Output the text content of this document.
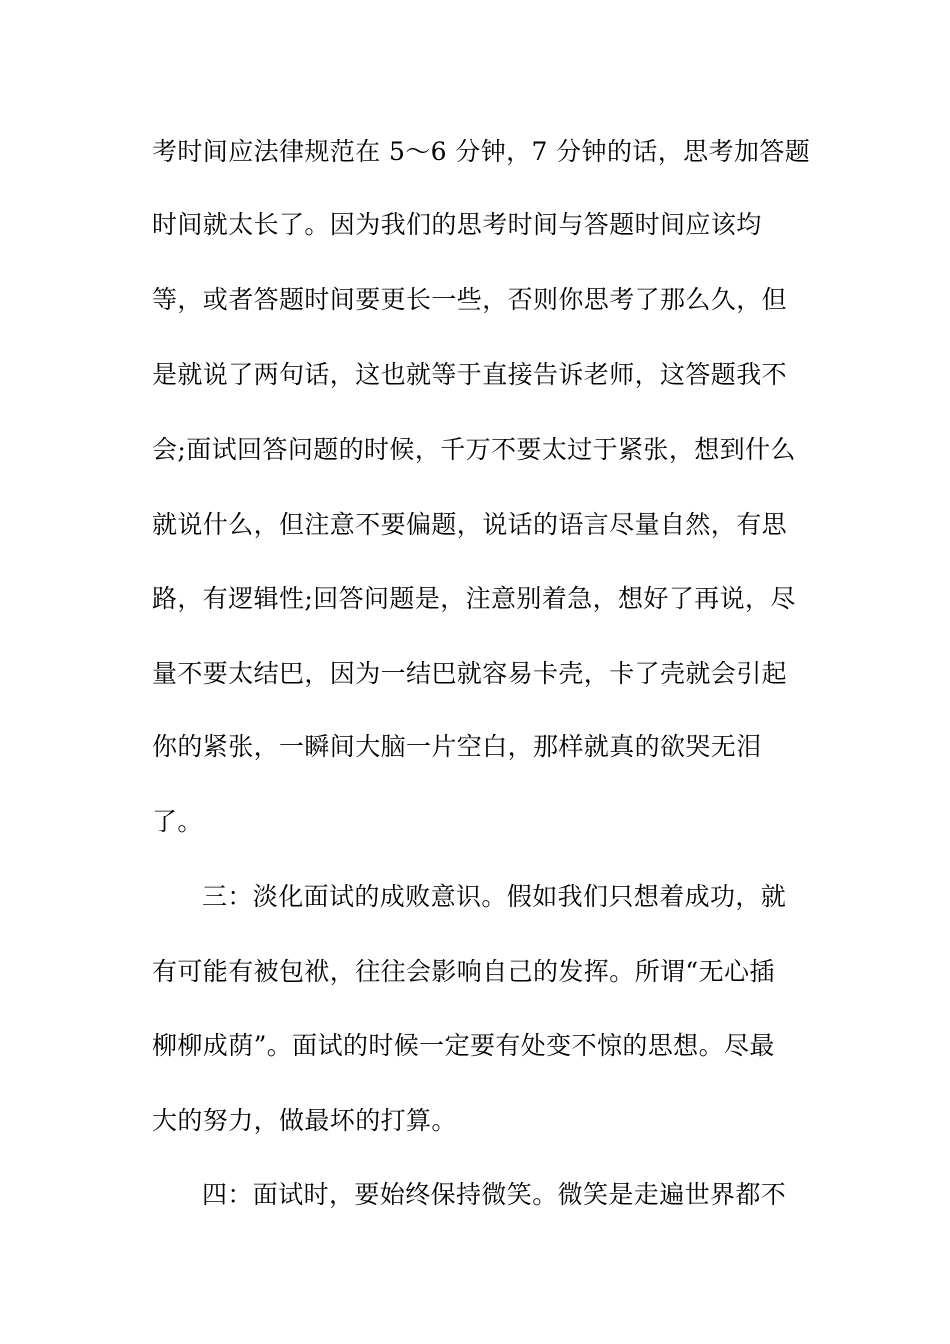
考时间应法律规范在 5～6 分钟，7 分钟的话，思考加答题
时间就太长了。因为我们的思考时间与答题时间应该均
等，或者答题时间要更长一些，否则你思考了那么久，但
是就说了两句话，这也就等于直接告诉老师，这答题我不
会;面试回答问题的时候，千万不要太过于紧张，想到什么
就说什么，但注意不要偏题，说话的语言尽量自然，有思
路，有逻辑性;回答问题是，注意别着急，想好了再说，尽
量不要太结巴，因为一结巴就容易卡壳，卡了壳就会引起
你的紧张，一瞬间大脑一片空白，那样就真的欲哭无泪
了。
三：淡化面试的成败意识。假如我们只想着成功，就
有可能有被包袱，往往会影响自己的发挥。所谓“无心插
柳柳成荫”。面试的时候一定要有处变不惊的思想。尽最
大的努力，做最坏的打算。
四：面试时，要始终保持微笑。微笑是走遍世界都不
